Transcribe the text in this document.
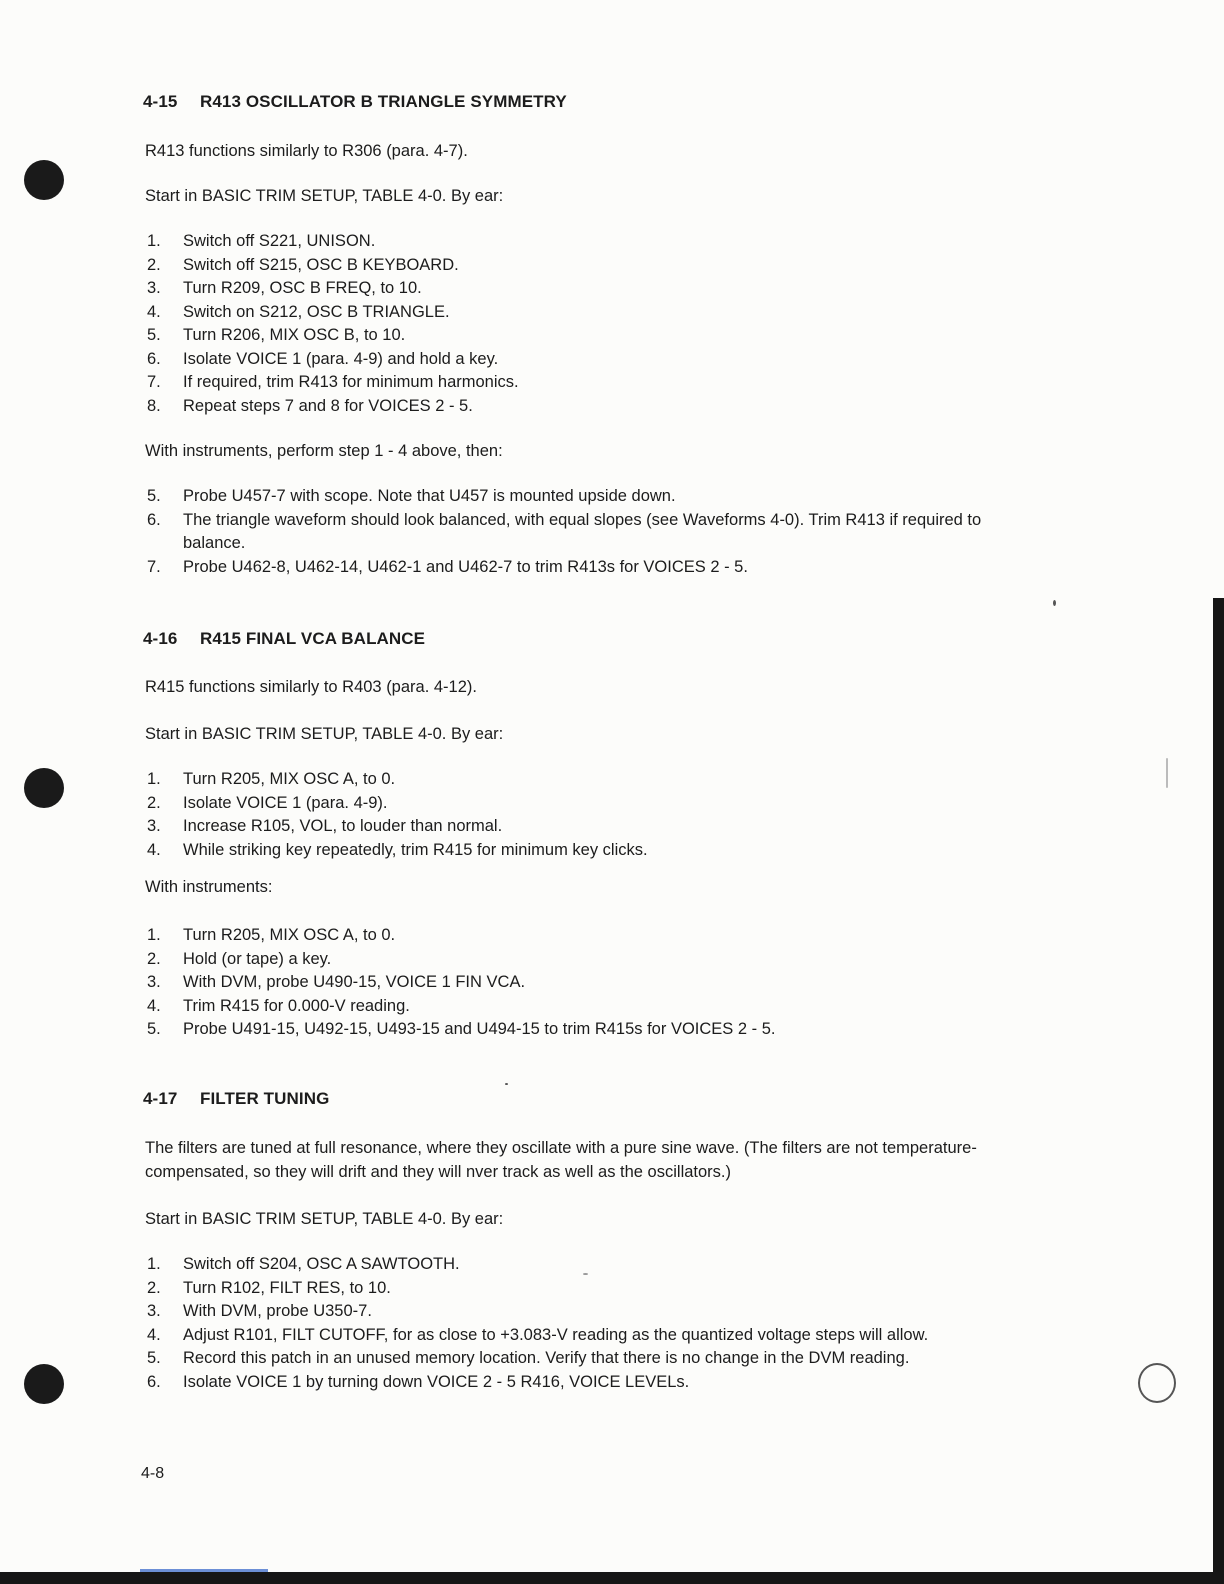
4-15 R413 OSCILLATOR B TRIANGLE SYMMETRY
R413 functions similarly to R306 (para. 4-7).
Start in BASIC TRIM SETUP, TABLE 4-0. By ear:
1. Switch off S221, UNISON.
2. Switch off S215, OSC B KEYBOARD.
3. Turn R209, OSC B FREQ, to 10.
4. Switch on S212, OSC B TRIANGLE.
5. Turn R206, MIX OSC B, to 10.
6. Isolate VOICE 1 (para. 4-9) and hold a key.
7. If required, trim R413 for minimum harmonics.
8. Repeat steps 7 and 8 for VOICES 2 - 5.
With instruments, perform step 1 - 4 above, then:
5. Probe U457-7 with scope. Note that U457 is mounted upside down.
6. The triangle waveform should look balanced, with equal slopes (see Waveforms 4-0). Trim R413 if required to balance.
7. Probe U462-8, U462-14, U462-1 and U462-7 to trim R413s for VOICES 2 - 5.
4-16 R415 FINAL VCA BALANCE
R415 functions similarly to R403 (para. 4-12).
Start in BASIC TRIM SETUP, TABLE 4-0. By ear:
1. Turn R205, MIX OSC A, to 0.
2. Isolate VOICE 1 (para. 4-9).
3. Increase R105, VOL, to louder than normal.
4. While striking key repeatedly, trim R415 for minimum key clicks.
With instruments:
1. Turn R205, MIX OSC A, to 0.
2. Hold (or tape) a key.
3. With DVM, probe U490-15, VOICE 1 FIN VCA.
4. Trim R415 for 0.000-V reading.
5. Probe U491-15, U492-15, U493-15 and U494-15 to trim R415s for VOICES 2 - 5.
4-17 FILTER TUNING
The filters are tuned at full resonance, where they oscillate with a pure sine wave. (The filters are not temperature-compensated, so they will drift and they will nver track as well as the oscillators.)
Start in BASIC TRIM SETUP, TABLE 4-0. By ear:
1. Switch off S204, OSC A SAWTOOTH.
2. Turn R102, FILT RES, to 10.
3. With DVM, probe U350-7.
4. Adjust R101, FILT CUTOFF, for as close to +3.083-V reading as the quantized voltage steps will allow.
5. Record this patch in an unused memory location. Verify that there is no change in the DVM reading.
6. Isolate VOICE 1 by turning down VOICE 2 - 5 R416, VOICE LEVELs.
4-8
